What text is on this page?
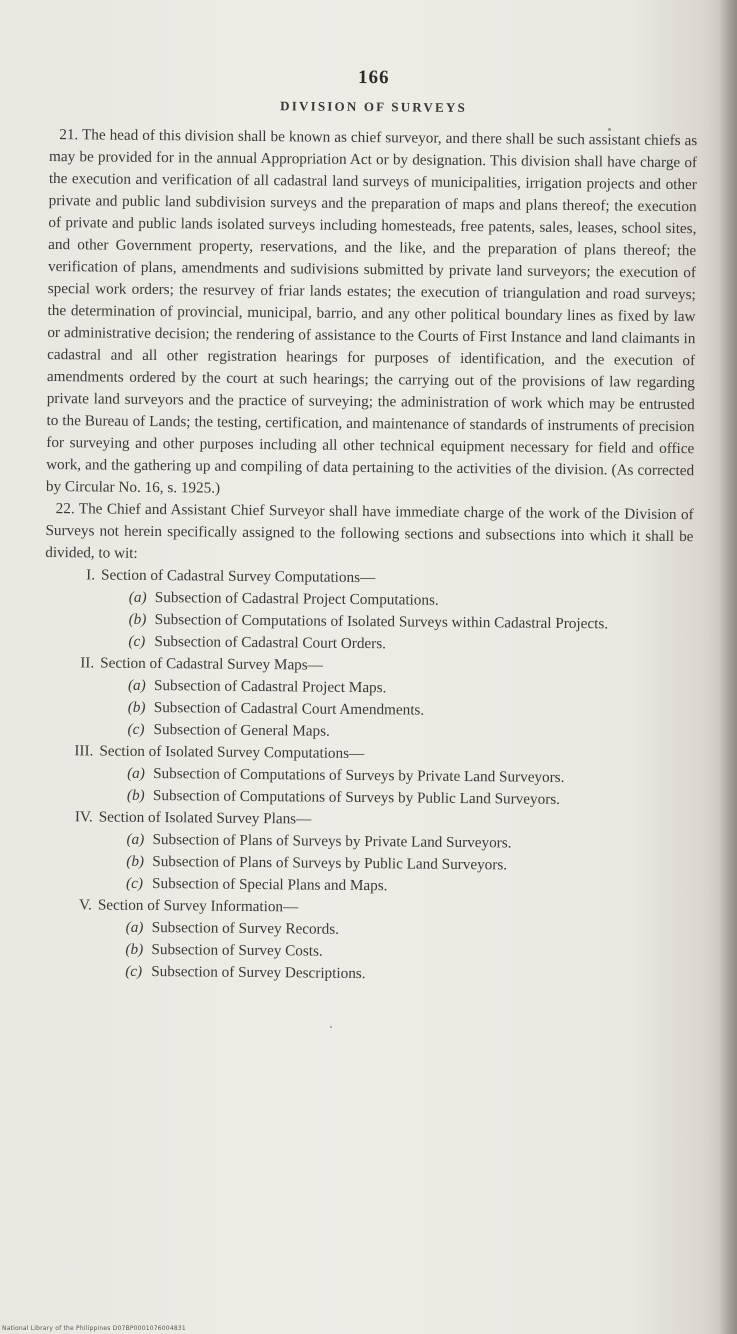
166
DIVISION OF SURVEYS

21. The head of this division shall be known as chief surveyor, and there shall be such assistant chiefs as may be provided for in the annual Appropriation Act or by designation. This division shall have charge of the execution and verification of all cadastral land surveys of municipalities, irrigation projects and other private and public land subdivision surveys and the preparation of maps and plans thereof; the execution of private and public lands isolated surveys including homesteads, free patents, sales, leases, school sites, and other Government property, reservations, and the like, and the preparation of plans thereof; the verification of plans, amendments and sudivisions submitted by private land surveyors; the execution of special work orders; the resurvey of friar lands estates; the execution of triangulation and road surveys; the determination of provincial, municipal, barrio, and any other political boundary lines as fixed by law or administrative decision; the rendering of assistance to the Courts of First Instance and land claimants in cadastral and all other registration hearings for purposes of identification, and the execution of amendments ordered by the court at such hearings; the carrying out of the provisions of law regarding private land surveyors and the practice of surveying; the administration of work which may be entrusted to the Bureau of Lands; the testing, certification, and maintenance of standards of instruments of precision for surveying and other purposes including all other technical equipment necessary for field and office work, and the gathering up and compiling of data pertaining to the activities of the division. (As corrected by Circular No. 16, s. 1925.)

22. The Chief and Assistant Chief Surveyor shall have immediate charge of the work of the Division of Surveys not herein specifically assigned to the following sections and subsections into which it shall be divided, to wit:

I. Section of Cadastral Survey Computations—
(a) Subsection of Cadastral Project Computations.
(b) Subsection of Computations of Isolated Surveys within Cadastral Projects.
(c) Subsection of Cadastral Court Orders.
II. Section of Cadastral Survey Maps—
(a) Subsection of Cadastral Project Maps.
(b) Subsection of Cadastral Court Amendments.
(c) Subsection of General Maps.
III. Section of Isolated Survey Computations—
(a) Subsection of Computations of Surveys by Private Land Surveyors.
(b) Subsection of Computations of Surveys by Public Land Surveyors.
IV. Section of Isolated Survey Plans—
(a) Subsection of Plans of Surveys by Private Land Surveyors.
(b) Subsection of Plans of Surveys by Public Land Surveyors.
(c) Subsection of Special Plans and Maps.
V. Section of Survey Information—
(a) Subsection of Survey Records.
(b) Subsection of Survey Costs.
(c) Subsection of Survey Descriptions.
National Library of the Philippines D07BP0001076004831
